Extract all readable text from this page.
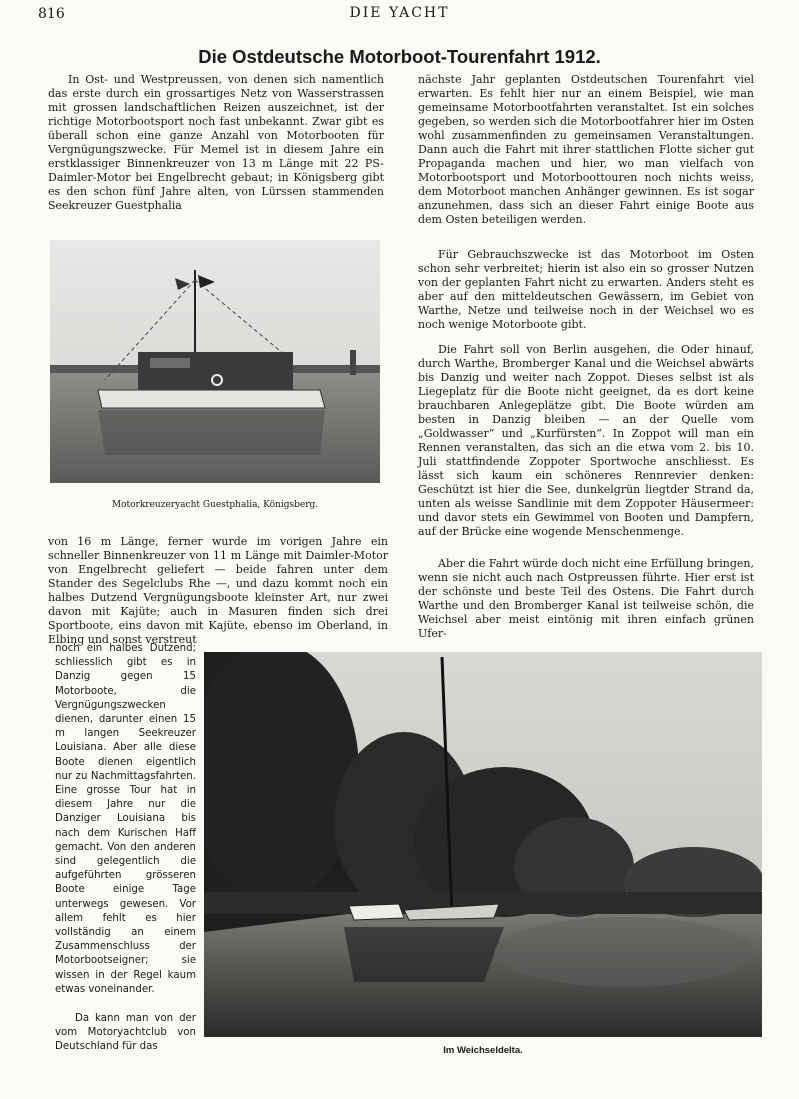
816	DIE YACHT
Die Ostdeutsche Motorboot-Tourenfahrt 1912.

In Ost- und Westpreussen, von denen sich namentlich das erste durch ein grossartiges Netz von Wasserstrassen mit grossen landschaftlichen Reizen auszeichnet, ist der richtige Motorbootsport noch fast unbekannt. Zwar gibt es überall schon eine ganze Anzahl von Motorbooten für Vergnügungszwecke. Für Memel ist in diesem Jahre ein erstklassiger Binnenkreuzer von 13 m Länge mit 22 PS-Daimler-Motor bei Engelbrecht gebaut; in Königsberg gibt es den schon fünf Jahre alten, von Lürssen stammenden Seekreuzer Guestphalia

Motorkreuzeryacht Guestphalia, Königsberg.

von 16 m Länge, ferner wurde im vorigen Jahre ein schneller Binnenkreuzer von 11 m Länge mit Daimler-Motor von Engelbrecht geliefert — beide fahren unter dem Stander des Segelclubs Rhe —, und dazu kommt noch ein halbes Dutzend Vergnügungsboote kleinster Art, nur zwei davon mit Kajüte; auch in Masuren finden sich drei Sportboote, eins davon mit Kajüte, ebenso im Oberland, in Elbing und sonst verstreut

noch ein halbes Dutzend; schliesslich gibt es in Danzig gegen 15 Motorboote, die Vergnügungszwecken dienen, darunter einen 15 m langen Seekreuzer Louisiana. Aber alle diese Boote dienen eigentlich nur zu Nachmittagsfahrten. Eine grosse Tour hat in diesem Jahre nur die Danziger Louisiana bis nach dem Kurischen Haff gemacht. Von den anderen sind gelegentlich die aufgeführten grösseren Boote einige Tage unterwegs gewesen. Vor allem fehlt es hier vollständig an einem Zusammenschluss der Motorbootseigner; sie wissen in der Regel kaum etwas voneinander.

Da kann man von der vom Motoryachtclub von Deutschland für das

nächste Jahr geplanten Ostdeutschen Tourenfahrt viel erwarten. Es fehlt hier nur an einem Beispiel, wie man gemeinsame Motorbootfahrten veranstaltet. Ist ein solches gegeben, so werden sich die Motorbootfahrer hier im Osten wohl zusammenfinden zu gemeinsamen Veranstaltungen. Dann auch die Fahrt mit ihrer stattlichen Flotte sicher gut Propaganda machen und hier, wo man vielfach von Motorbootsport und Motorboottouren noch nichts weiss, dem Motorboot manchen Anhänger gewinnen. Es ist sogar anzunehmen, dass sich an dieser Fahrt einige Boote aus dem Osten beteiligen werden.

Für Gebrauchszwecke ist das Motorboot im Osten schon sehr verbreitet; hierin ist also ein so grosser Nutzen von der geplanten Fahrt nicht zu erwarten. Anders steht es aber auf den mitteldeutschen Gewässern, im Gebiet von Warthe, Netze und teilweise noch in der Weichsel wo es noch wenige Motorboote gibt.

Die Fahrt soll von Berlin ausgehen, die Oder hinauf, durch Warthe, Bromberger Kanal und die Weichsel abwärts bis Danzig und weiter nach Zoppot. Dieses selbst ist als Liegeplatz für die Boote nicht geeignet, da es dort keine brauchbaren Anlegeplätze gibt. Die Boote würden am besten in Danzig bleiben — an der Quelle vom „Goldwasser“ und „Kurfürsten“. In Zoppot will man ein Rennen veranstalten, das sich an die etwa vom 2. bis 10. Juli stattfindende Zoppoter Sportwoche anschliesst. Es lässt sich kaum ein schöneres Rennrevier denken: Geschützt ist hier die See, dunkelgrün liegtder Strand da, unten als weisse Sandlinie mit dem Zoppoter Häusermeer: und davor stets ein Gewimmel von Booten und Dampfern, auf der Brücke eine wogende Menschenmenge.

Aber die Fahrt würde doch nicht eine Erfüllung bringen, wenn sie nicht auch nach Ostpreussen führte. Hier erst ist der schönste und beste Teil des Ostens. Die Fahrt durch Warthe und den Bromberger Kanal ist teilweise schön, die Weichsel aber meist eintönig mit ihren einfach grünen Ufer-

Im Weichseldelta.
